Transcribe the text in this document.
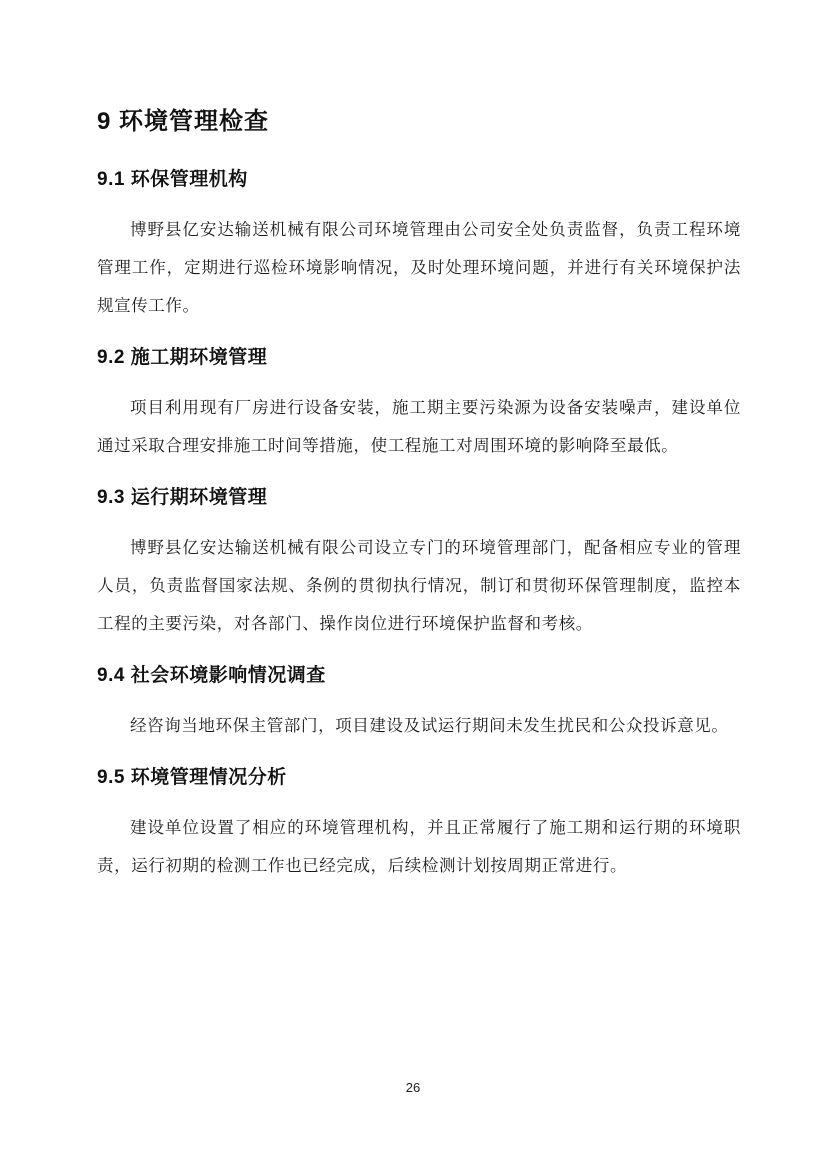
9 环境管理检查
9.1 环保管理机构

博野县亿安达输送机械有限公司环境管理由公司安全处负责监督，负责工程环境管理工作，定期进行巡检环境影响情况，及时处理环境问题，并进行有关环境保护法规宣传工作。

9.2 施工期环境管理

项目利用现有厂房进行设备安装，施工期主要污染源为设备安装噪声，建设单位通过采取合理安排施工时间等措施，使工程施工对周围环境的影响降至最低。

9.3 运行期环境管理

博野县亿安达输送机械有限公司设立专门的环境管理部门，配备相应专业的管理人员，负责监督国家法规、条例的贯彻执行情况，制订和贯彻环保管理制度，监控本工程的主要污染，对各部门、操作岗位进行环境保护监督和考核。

9.4 社会环境影响情况调查

经咨询当地环保主管部门，项目建设及试运行期间未发生扰民和公众投诉意见。

9.5 环境管理情况分析

建设单位设置了相应的环境管理机构，并且正常履行了施工期和运行期的环境职责，运行初期的检测工作也已经完成，后续检测计划按周期正常进行。

26
